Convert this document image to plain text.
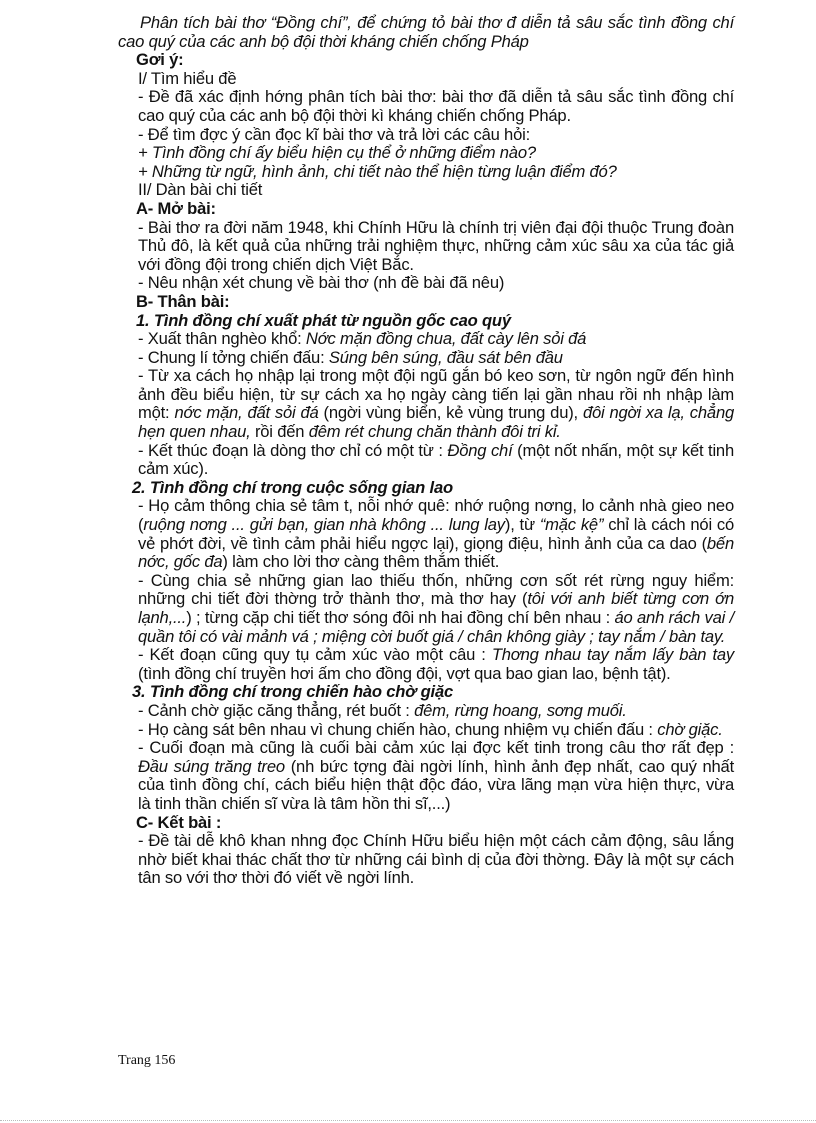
Phân tích bài thơ “Đồng chí”, để chứng tỏ bài thơ đ diễn tả sâu sắc tình đồng chí cao quý của các anh bộ đội thời kháng chiến chống Pháp

Gơi ý:

I/ Tìm hiểu đề

- Đề đã xác định hớng phân tích bài thơ: bài thơ đã diễn tả sâu sắc tình đồng chí cao quý của các anh bộ đội thời kì kháng chiến chống Pháp.

- Để tìm đợc ý cần đọc kĩ bài thơ và trả lời các câu hỏi:

+ Tình đồng chí ấy biểu hiện cụ thể ở những điểm nào?

+ Những từ ngữ, hình ảnh, chi tiết nào thể hiện từng luận điểm đó?

II/ Dàn bài chi tiết

A- Mở bài:

- Bài thơ ra đời năm 1948, khi Chính Hữu là chính trị viên đại đội thuộc Trung đoàn Thủ đô, là kết quả của những trải nghiệm thực, những cảm xúc sâu xa của tác giả với đồng đội trong chiến dịch Việt Bắc.

- Nêu nhận xét chung về bài thơ (nh đề bài đã nêu)

B- Thân bài:

1. Tình đồng chí xuất phát từ nguồn gốc cao quý

- Xuất thân nghèo khổ: Nớc mặn đồng chua, đất cày lên sỏi đá

- Chung lí tởng chiến đấu: Súng bên súng, đầu sát bên đầu

- Từ xa cách họ nhập lại trong một đội ngũ gắn bó keo sơn, từ ngôn ngữ đến hình ảnh đều biểu hiện, từ sự cách xa họ ngày càng tiến lại gần nhau rồi nh nhập làm một: nớc mặn, đất sỏi đá (ngời vùng biển, kẻ vùng trung du), đôi ngời xa lạ, chẳng hẹn quen nhau, rồi đến đêm rét chung chăn thành đôi tri kỉ.

- Kết thúc đoạn là dòng thơ chỉ có một từ : Đồng chí (một nốt nhấn, một sự kết tinh cảm xúc).

2. Tình đồng chí trong cuộc sống gian lao

- Họ cảm thông chia sẻ tâm t, nỗi nhớ quê: nhớ ruộng nơng, lo cảnh nhà gieo neo (ruộng nơng ... gửi bạn, gian nhà không ... lung lay), từ “mặc kệ” chỉ là cách nói có vẻ phớt đời, về tình cảm phải hiểu ngợc lại), giọng điệu, hình ảnh của ca dao (bến nớc, gốc đa) làm cho lời thơ càng thêm thắm thiết.

- Cùng chia sẻ những gian lao thiếu thốn, những cơn sốt rét rừng nguy hiểm: những chi tiết đời thờng trở thành thơ, mà thơ hay (tôi với anh biết từng cơn ớn lạnh,...) ; từng cặp chi tiết thơ sóng đôi nh hai đồng chí bên nhau : áo anh rách vai / quần tôi có vài mảnh vá ; miệng cời buốt giá / chân không giày ; tay nắm / bàn tay.

- Kết đoạn cũng quy tụ cảm xúc vào một câu : Thơng nhau tay nắm lấy bàn tay (tình đồng chí truyền hơi ấm cho đồng đội, vợt qua bao gian lao, bệnh tật).

3. Tình đồng chí trong chiến hào chờ giặc

- Cảnh chờ giặc căng thẳng, rét buốt : đêm, rừng hoang, sơng muối.

- Họ càng sát bên nhau vì chung chiến hào, chung nhiệm vụ chiến đấu : chờ giặc.

- Cuối đoạn mà cũng là cuối bài cảm xúc lại đợc kết tinh trong câu thơ rất đẹp : Đầu súng trăng treo (nh bức tợng đài ngời lính, hình ảnh đẹp nhất, cao quý nhất của tình đồng chí, cách biểu hiện thật độc đáo, vừa lãng mạn vừa hiện thực, vừa là tinh thần chiến sĩ vừa là tâm hồn thi sĩ,...)

C- Kết bài :

- Đề tài dễ khô khan nhng đọc Chính Hữu biểu hiện một cách cảm động, sâu lắng nhờ biết khai thác chất thơ từ những cái bình dị của đời thờng. Đây là một sự cách tân so với thơ thời đó viết về ngời lính.

Trang 156
